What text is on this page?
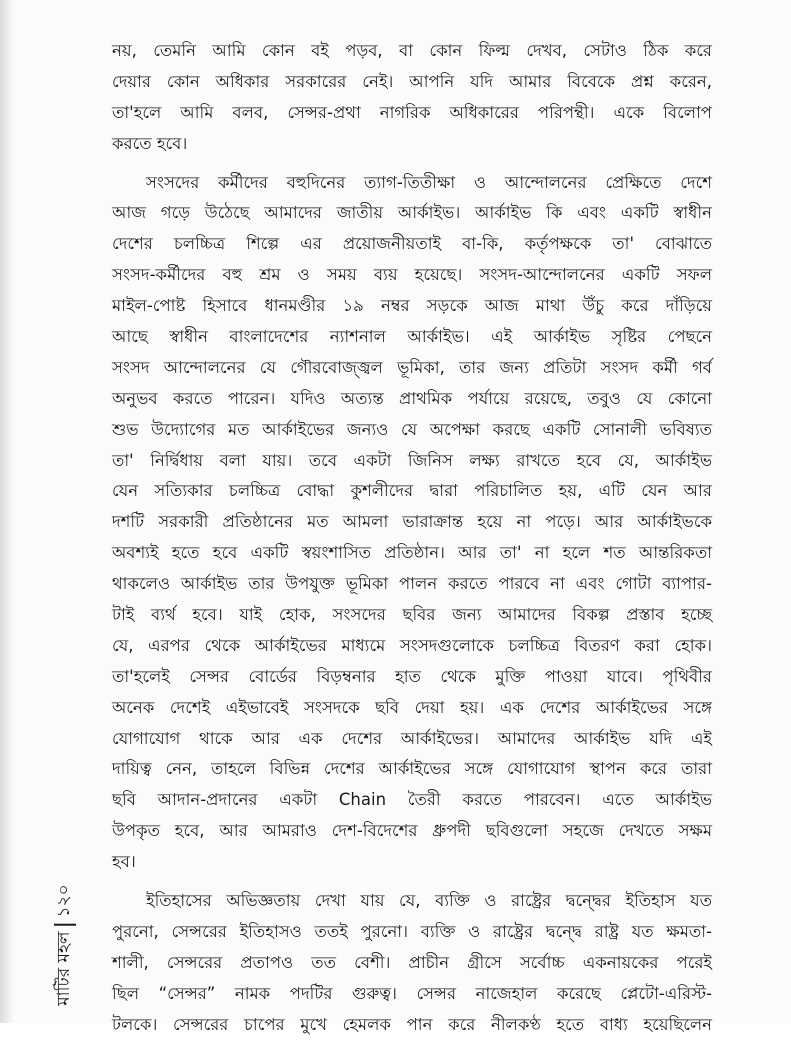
নয়, তেমনি আমি কোন বই পড়ব, বা কোন ফিল্ম দেখব, সেটাও ঠিক করে
দেয়ার কোন অধিকার সরকারের নেই। আপনি যদি আমার বিবেকে প্রশ্ন করেন,
তা'হলে আমি বলব, সেন্সর-প্রথা নাগরিক অধিকারের পরিপন্থী। একে বিলোপ
করতে হবে।

সংসদের কর্মীদের বহুদিনের ত্যাগ-তিতীক্ষা ও আন্দোলনের প্রেক্ষিতে দেশে
আজ গড়ে উঠেছে আমাদের জাতীয় আর্কাইভ। আর্কাইভ কি এবং একটি স্বাধীন
দেশের চলচ্চিত্র শিল্পে এর প্রয়োজনীয়তাই বা-কি, কর্তৃপক্ষকে তা' বোঝাতে
সংসদ-কর্মীদের বহু শ্রম ও সময় ব্যয় হয়েছে। সংসদ-আন্দোলনের একটি সফল
মাইল-পোষ্ট হিসাবে ধানমণ্ডীর ১৯ নম্বর সড়কে আজ মাথা উঁচু করে দাঁড়িয়ে
আছে স্বাধীন বাংলাদেশের ন্যাশনাল আর্কাইভ। এই আর্কাইভ সৃষ্টির পেছনে
সংসদ আন্দোলনের যে গৌরবোজ্জ্বল ভূমিকা, তার জন্য প্রতিটা সংসদ কর্মী গর্ব
অনুভব করতে পারেন। যদিও অত্যন্ত প্রাথমিক পর্যায়ে রয়েছে, তবুও যে কোনো
শুভ উদ্যোগের মত আর্কাইভের জন্যও যে অপেক্ষা করছে একটি সোনালী ভবিষ্যত
তা' নির্দ্বিধায় বলা যায়। তবে একটা জিনিস লক্ষ্য রাখতে হবে যে, আর্কাইভ
যেন সত্যিকার চলচ্চিত্র বোদ্ধা কুশলীদের দ্বারা পরিচালিত হয়, এটি যেন আর
দশটি সরকারী প্রতিষ্ঠানের মত আমলা ভারাক্রান্ত হয়ে না পড়ে। আর আর্কাইভকে
অবশ্যই হতে হবে একটি স্বয়ংশাসিত প্রতিষ্ঠান। আর তা' না হলে শত আন্তরিকতা
থাকলেও আর্কাইভ তার উপযুক্ত ভূমিকা পালন করতে পারবে না এবং গোটা ব্যাপার-
টাই ব্যর্থ হবে। যাই হোক, সংসদের ছবির জন্য আমাদের বিকল্প প্রস্তাব হচ্ছে
যে, এরপর থেকে আর্কাইভের মাধ্যমে সংসদগুলোকে চলচ্চিত্র বিতরণ করা হোক।
তা'হলেই সেন্সর বোর্ডের বিড়ম্বনার হাত থেকে মুক্তি পাওয়া যাবে। পৃথিবীর
অনেক দেশেই এইভাবেই সংসদকে ছবি দেয়া হয়। এক দেশের আর্কাইভের সঙ্গে
যোগাযোগ থাকে আর এক দেশের আর্কাইভের। আমাদের আর্কাইভ যদি এই
দায়িত্ব নেন, তাহলে বিভিন্ন দেশের আর্কাইভের সঙ্গে যোগাযোগ স্থাপন করে তারা
ছবি আদান-প্রদানের একটা Chain তৈরী করতে পারবেন। এতে আর্কাইভ
উপকৃত হবে, আর আমরাও দেশ-বিদেশের ধ্রুপদী ছবিগুলো সহজে দেখতে সক্ষম
হব।

ইতিহাসের অভিজ্ঞতায় দেখা যায় যে, ব্যক্তি ও রাষ্ট্রের দ্বন্দ্বের ইতিহাস যত
পুরনো, সেন্সরের ইতিহাসও ততই পুরনো। ব্যক্তি ও রাষ্ট্রের দ্বন্দ্বে রাষ্ট্র যত ক্ষমতা-
শালী, সেন্সরের প্রতাপও তত বেশী। প্রাচীন গ্রীসে সর্বোচ্চ একনায়কের পরেই
ছিল “সেন্সর” নামক পদটির গুরুত্ব। সেন্সর নাজেহাল করেছে প্লেটো-এরিস্ট-
টলকে। সেন্সরের চাপের মুখে হেমলক পান করে নীলকণ্ঠ হতে বাধ্য হয়েছিলেন

মাটির মহল
১২০
